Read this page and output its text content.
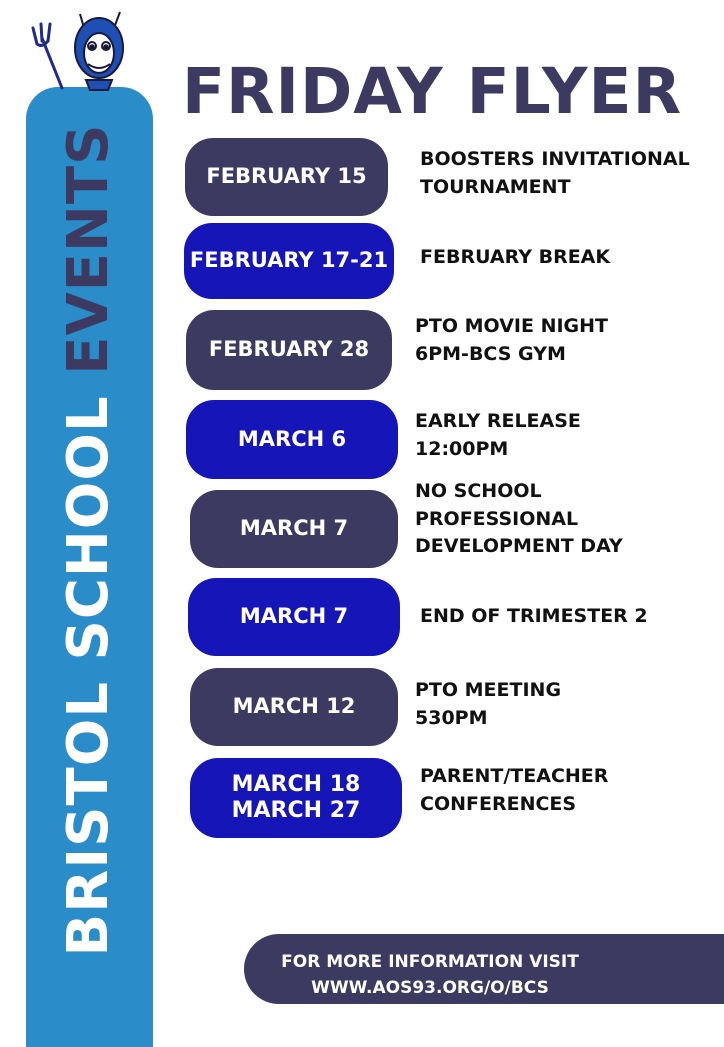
BRISTOL SCHOOL EVENTS
FRIDAY FLYER
FEBRUARY 15
BOOSTERS INVITATIONAL
TOURNAMENT
FEBRUARY 17-21	FEBRUARY BREAK
FEBRUARY 28
PTO MOVIE NIGHT
6PM-BCS GYM
MARCH 6
EARLY RELEASE
12:00PM
MARCH 7
NO SCHOOL
PROFESSIONAL
DEVELOPMENT DAY
MARCH 7	END OF TRIMESTER 2
MARCH 12
PTO MEETING
530PM
MARCH 18
MARCH 27
PARENT/TEACHER
CONFERENCES
FOR MORE INFORMATION VISIT
WWW.AOS93.ORG/O/BCS
